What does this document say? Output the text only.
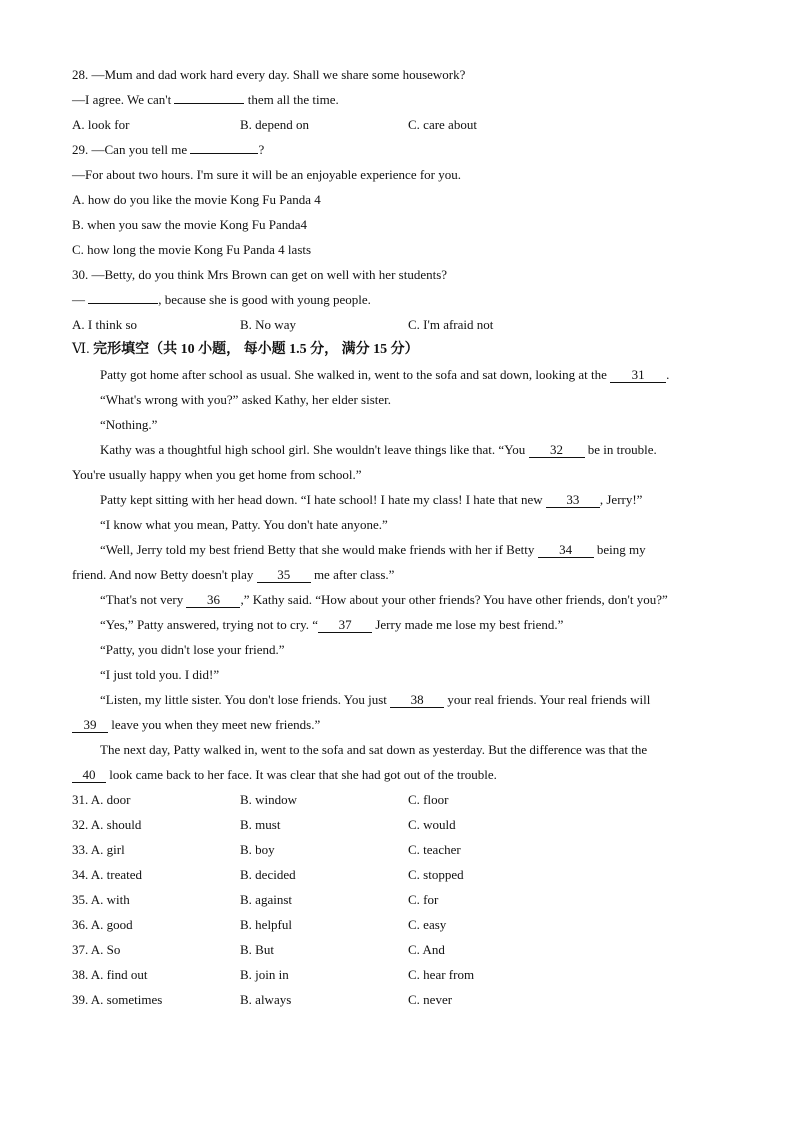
28. —Mum and dad work hard every day. Shall we share some housework?
—I agree. We can't	them all the time.
A. look for	B. depend on	C. care about
29. —Can you tell me	?
—For about two hours. I'm sure it will be an enjoyable experience for you.
A. how do you like the movie Kong Fu Panda 4
B. when you saw the movie Kong Fu Panda4
C. how long the movie Kong Fu Panda 4 lasts
30. —Betty, do you think Mrs Brown can get on well with her students?
—	, because she is good with young people.
A. I think so	B. No way	C. I'm afraid not
Ⅵ. 完形填空（共 10 小题， 每小题 1.5 分， 满分 15 分）
Patty got home after school as usual. She walked in, went to the sofa and sat down, looking at the 31 .
“What's wrong with you?” asked Kathy, her elder sister.
“Nothing.”
Kathy was a thoughtful high school girl. She wouldn't leave things like that. “You 32 be in trouble.
You're usually happy when you get home from school.”
Patty kept sitting with her head down. “I hate school! I hate my class! I hate that new 33 , Jerry!”
“I know what you mean, Patty. You don't hate anyone.”
“Well, Jerry told my best friend Betty that she would make friends with her if Betty 34 being my
friend. And now Betty doesn't play 35 me after class.”
“That's not very 36 ,” Kathy said. “How about your other friends? You have other friends, don't you?”
“Yes,” Patty answered, trying not to cry. “ 37 Jerry made me lose my best friend.”
“Patty, you didn't lose your friend.”
“I just told you. I did!”
“Listen, my little sister. You don't lose friends. You just 38 your real friends. Your real friends will
39 leave you when they meet new friends.”
The next day, Patty walked in, went to the sofa and sat down as yesterday. But the difference was that the
40 look came back to her face. It was clear that she had got out of the trouble.
31. A. door	B. window	C. floor
32. A. should	B. must	C. would
33. A. girl	B. boy	C. teacher
34. A. treated	B. decided	C. stopped
35. A. with	B. against	C. for
36. A. good	B. helpful	C. easy
37. A. So	B. But	C. And
38. A. find out	B. join in	C. hear from
39. A. sometimes	B. always	C. never
